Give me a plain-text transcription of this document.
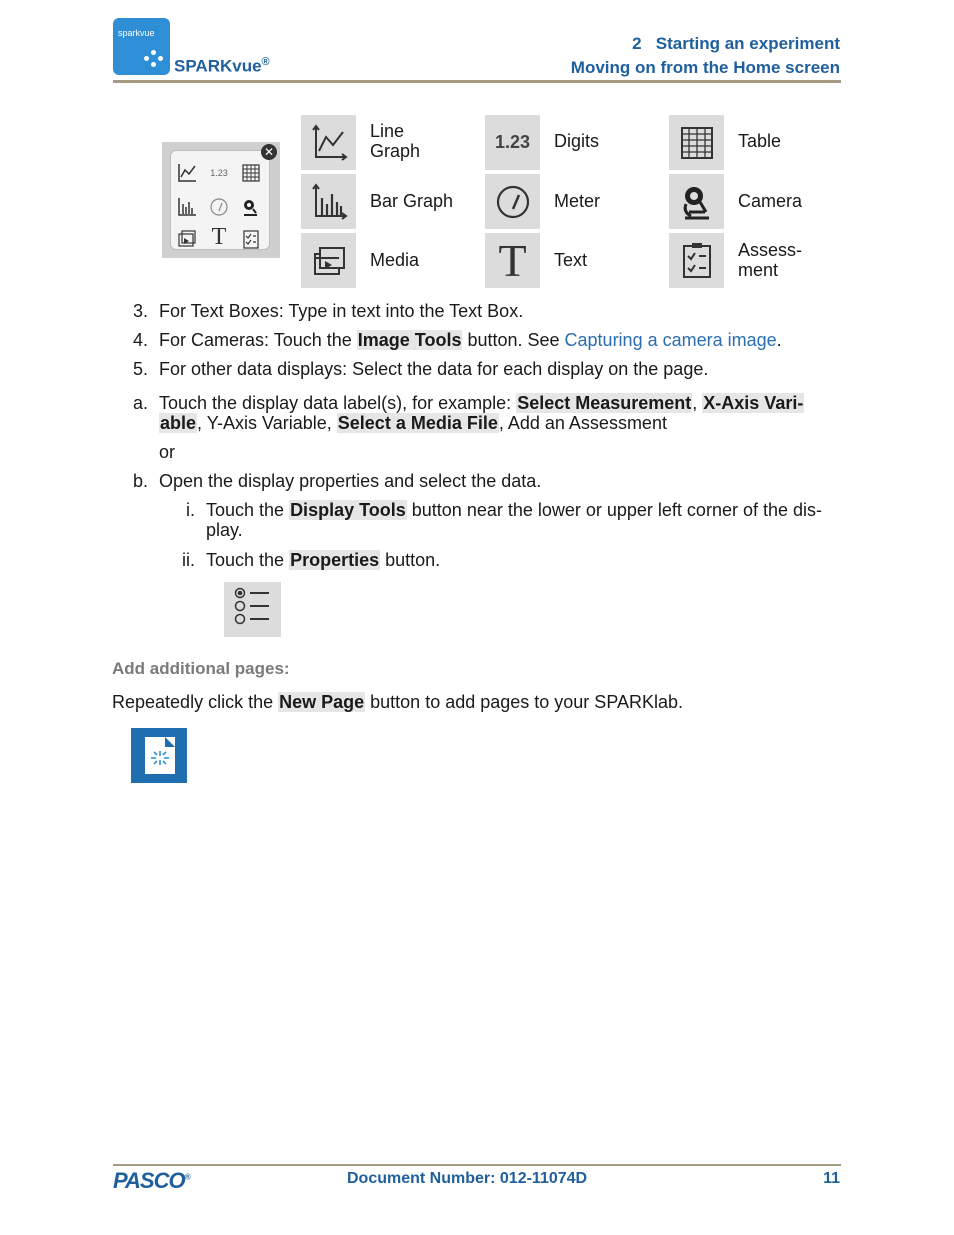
sparkvue
SPARKvue®
2   Starting an experiment
Moving on from the Home screen
1.23
T
✕
Line
Graph
Bar Graph
Media
1.23	Digits
Meter
T	Text
Table
Camera
Assess-
ment
3. For Text Boxes: Type in text into the Text Box.
4. For Cameras: Touch the Image Tools button. See Capturing a camera image.
5. For other data displays: Select the data for each display on the page.
a. Touch the display data label(s), for example: Select Measurement, X-Axis Vari-
able, Y-Axis Variable, Select a Media File, Add an Assessment
or
b. Open the display properties and select the data.
i. Touch the Display Tools button near the lower or upper left corner of the dis-
play.
ii. Touch the Properties button.
Add additional pages:
Repeatedly click the New Page button to add pages to your SPARKlab.
PASCO®	Document Number: 012-11074D	11
